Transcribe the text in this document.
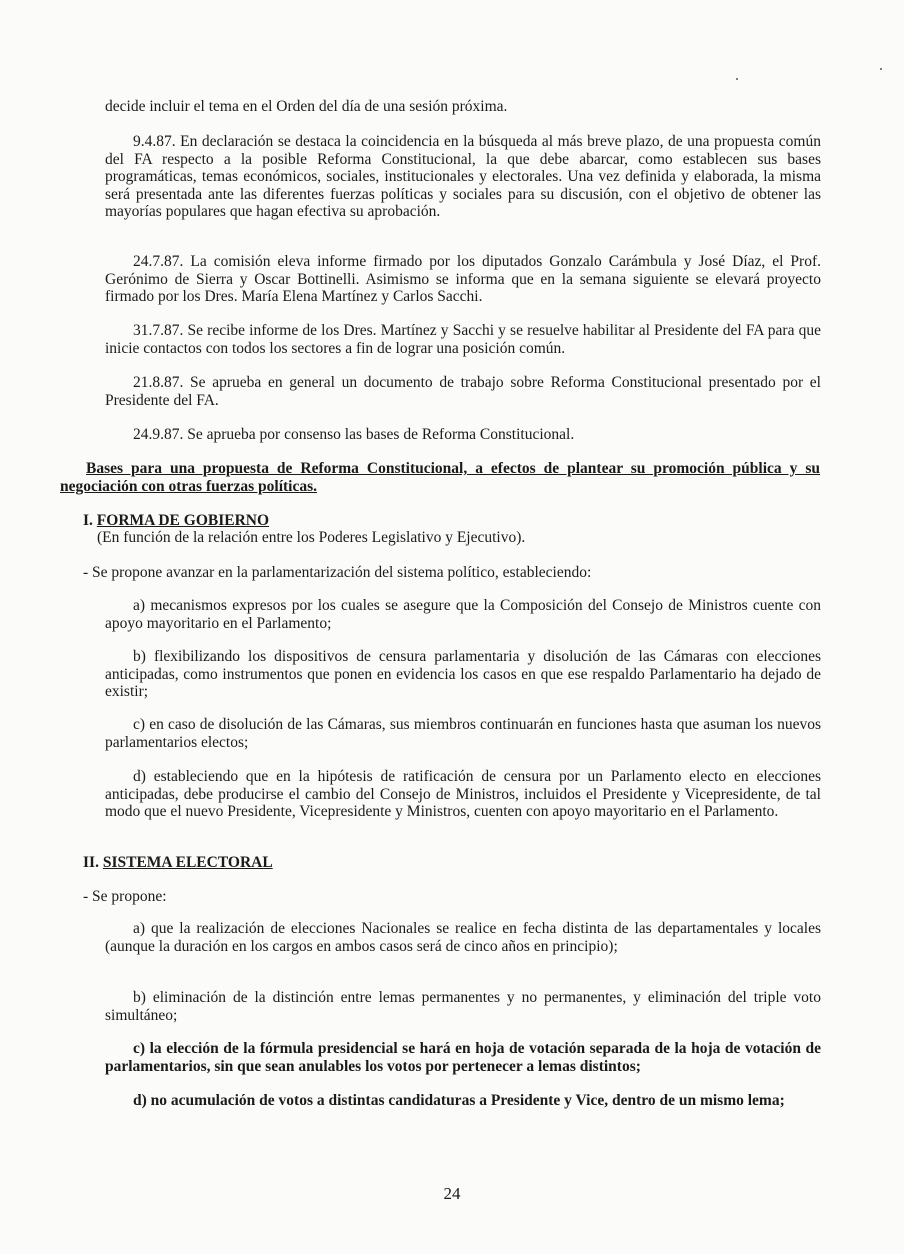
decide incluir el tema en el Orden del día de una sesión próxima.

9.4.87. En declaración se destaca la coincidencia en la búsqueda al más breve plazo, de una propuesta común del FA respecto a la posible Reforma Constitucional, la que debe abarcar, como establecen sus bases programáticas, temas económicos, sociales, institucionales y electorales. Una vez definida y elaborada, la misma será presentada ante las diferentes fuerzas políticas y sociales para su discusión, con el objetivo de obtener las mayorías populares que hagan efectiva su aprobación.

24.7.87. La comisión eleva informe firmado por los diputados Gonzalo Carámbula y José Díaz, el Prof. Gerónimo de Sierra y Oscar Bottinelli. Asimismo se informa que en la semana siguiente se elevará proyecto firmado por los Dres. María Elena Martínez y Carlos Sacchi.

31.7.87. Se recibe informe de los Dres. Martínez y Sacchi y se resuelve habilitar al Presidente del FA para que inicie contactos con todos los sectores a fin de lograr una posición común.

21.8.87. Se aprueba en general un documento de trabajo sobre Reforma Constitucional presentado por el Presidente del FA.

24.9.87. Se aprueba por consenso las bases de Reforma Constitucional.

Bases para una propuesta de Reforma Constitucional, a efectos de plantear su promoción pública y su negociación con otras fuerzas políticas.

I. FORMA DE GOBIERNO

(En función de la relación entre los Poderes Legislativo y Ejecutivo).

- Se propone avanzar en la parlamentarización del sistema político, estableciendo:

a) mecanismos expresos por los cuales se asegure que la Composición del Consejo de Ministros cuente con apoyo mayoritario en el Parlamento;

b) flexibilizando los dispositivos de censura parlamentaria y disolución de las Cámaras con elecciones anticipadas, como instrumentos que ponen en evidencia los casos en que ese respaldo Parlamentario ha dejado de existir;

c) en caso de disolución de las Cámaras, sus miembros continuarán en funciones hasta que asuman los nuevos parlamentarios electos;

d) estableciendo que en la hipótesis de ratificación de censura por un Parlamento electo en elecciones anticipadas, debe producirse el cambio del Consejo de Ministros, incluidos el Presidente y Vicepresidente, de tal modo que el nuevo Presidente, Vicepresidente y Ministros, cuenten con apoyo mayoritario en el Parlamento.

II. SISTEMA ELECTORAL

- Se propone:

a) que la realización de elecciones Nacionales se realice en fecha distinta de las departamentales y locales (aunque la duración en los cargos en ambos casos será de cinco años en principio);

b) eliminación de la distinción entre lemas permanentes y no permanentes, y eliminación del triple voto simultáneo;

c) la elección de la fórmula presidencial se hará en hoja de votación separada de la hoja de votación de parlamentarios, sin que sean anulables los votos por pertenecer a lemas distintos;

d) no acumulación de votos a distintas candidaturas a Presidente y Vice, dentro de un mismo lema;

24
